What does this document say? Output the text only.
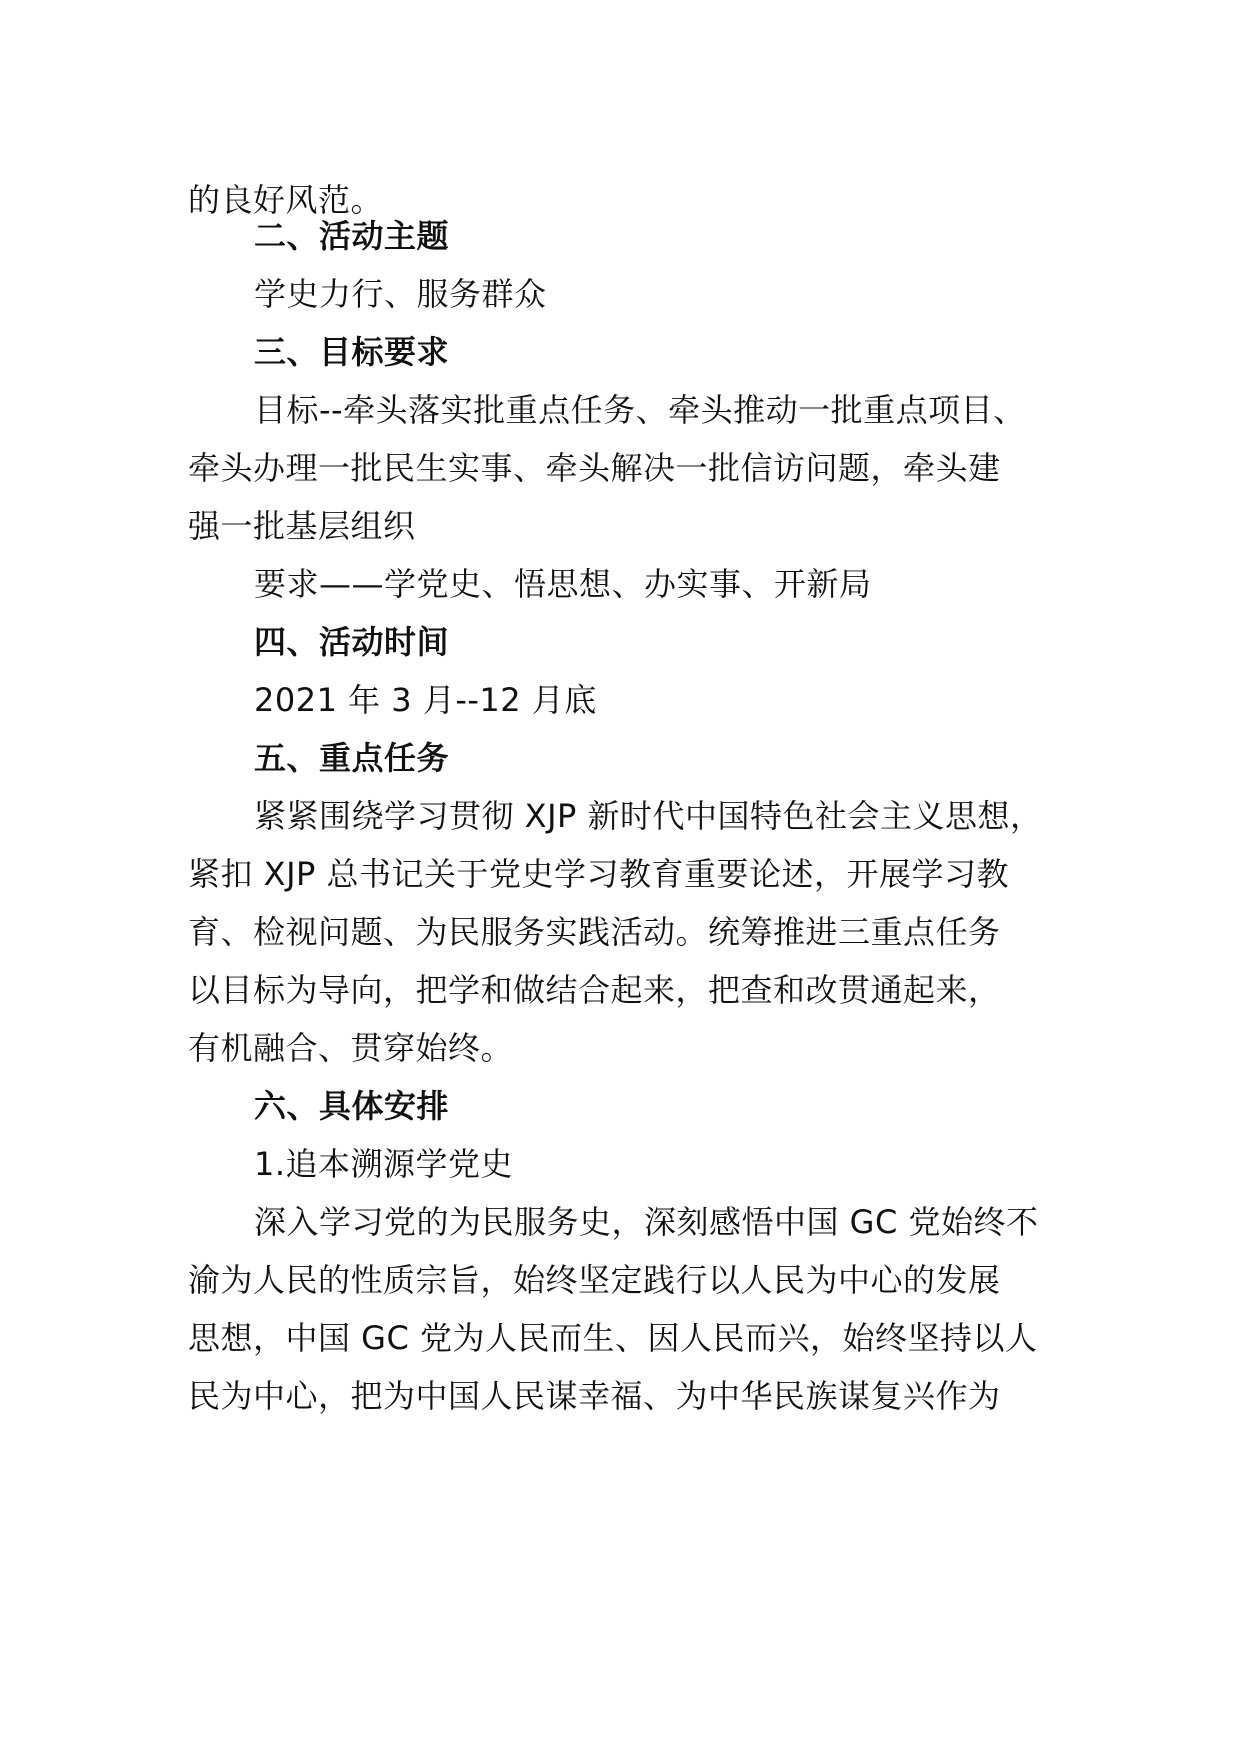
的良好风范。
二、活动主题
学史力行、服务群众
三、目标要求
目标--牵头落实批重点任务、牵头推动一批重点项目、
牵头办理一批民生实事、牵头解决一批信访问题，牵头建
强一批基层组织
要求——学党史、悟思想、办实事、开新局
四、活动时间
2021 年 3 月--12 月底
五、重点任务
紧紧围绕学习贯彻 XJP 新时代中国特色社会主义思想，
紧扣 XJP 总书记关于党史学习教育重要论述，开展学习教
育、检视问题、为民服务实践活动。统筹推进三重点任务
以目标为导向，把学和做结合起来，把查和改贯通起来，
有机融合、贯穿始终。
六、具体安排
1.追本溯源学党史
深入学习党的为民服务史，深刻感悟中国 GC 党始终不
渝为人民的性质宗旨，始终坚定践行以人民为中心的发展
思想，中国 GC 党为人民而生、因人民而兴，始终坚持以人
民为中心，把为中国人民谋幸福、为中华民族谋复兴作为
